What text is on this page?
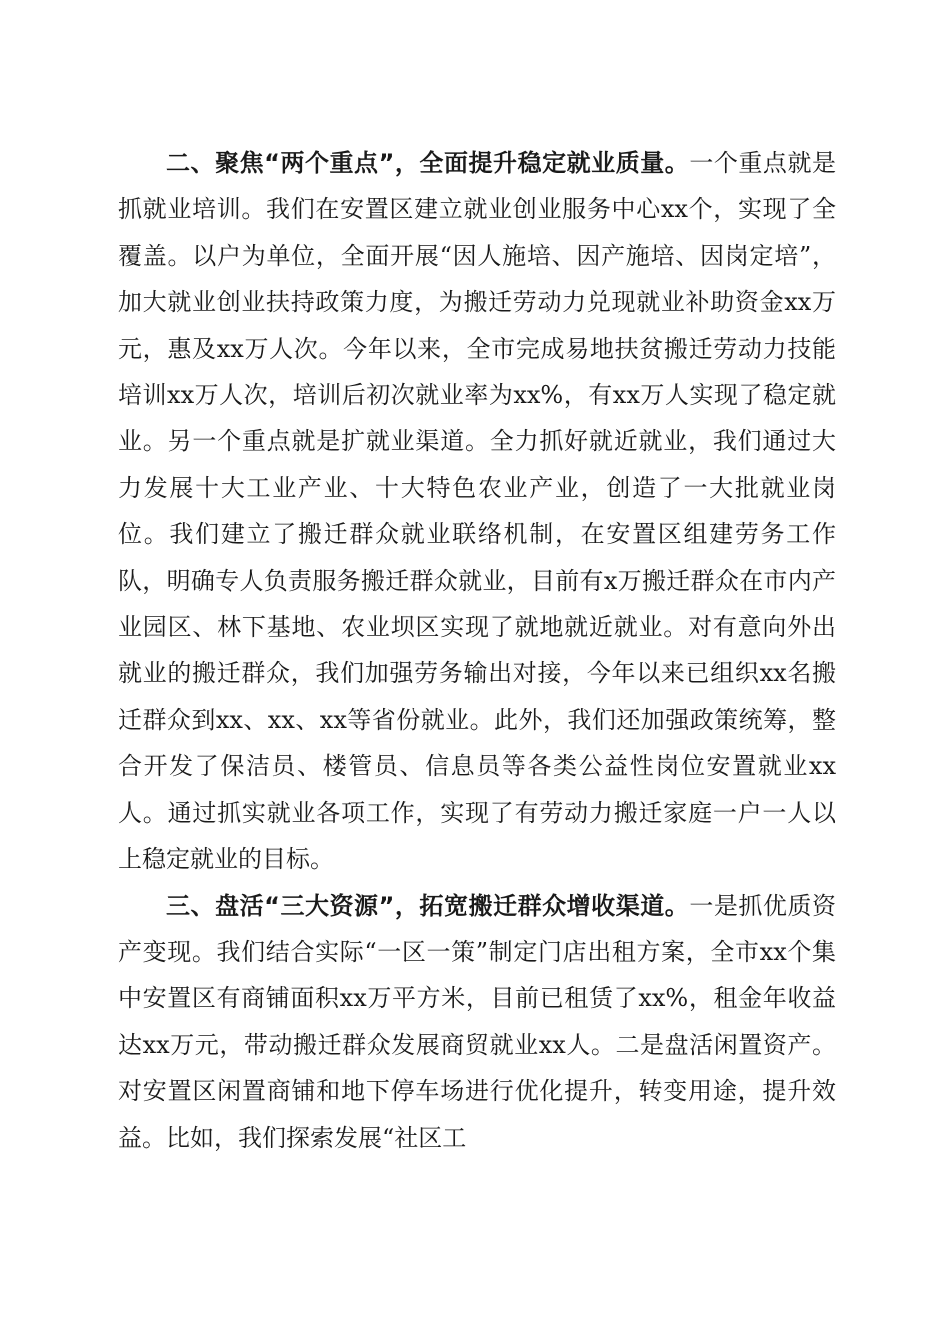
二、聚焦“两个重点”，全面提升稳定就业质量。一个重点就是抓就业培训。我们在安置区建立就业创业服务中心xx个，实现了全覆盖。以户为单位，全面开展“因人施培、因产施培、因岗定培”，加大就业创业扶持政策力度，为搬迁劳动力兑现就业补助资金xx万元，惠及xx万人次。今年以来，全市完成易地扶贫搬迁劳动力技能培训xx万人次，培训后初次就业率为xx%，有xx万人实现了稳定就业。另一个重点就是扩就业渠道。全力抓好就近就业，我们通过大力发展十大工业产业、十大特色农业产业，创造了一大批就业岗位。我们建立了搬迁群众就业联络机制，在安置区组建劳务工作队，明确专人负责服务搬迁群众就业，目前有x万搬迁群众在市内产业园区、林下基地、农业坝区实现了就地就近就业。对有意向外出就业的搬迁群众，我们加强劳务输出对接，今年以来已组织xx名搬迁群众到xx、xx、xx等省份就业。此外，我们还加强政策统筹，整合开发了保洁员、楼管员、信息员等各类公益性岗位安置就业xx人。通过抓实就业各项工作，实现了有劳动力搬迁家庭一户一人以上稳定就业的目标。

三、盘活“三大资源”，拓宽搬迁群众增收渠道。一是抓优质资产变现。我们结合实际“一区一策”制定门店出租方案，全市xx个集中安置区有商铺面积xx万平方米，目前已租赁了xx%，租金年收益达xx万元，带动搬迁群众发展商贸就业xx人。二是盘活闲置资产。对安置区闲置商铺和地下停车场进行优化提升，转变用途，提升效益。比如，我们探索发展“社区工
